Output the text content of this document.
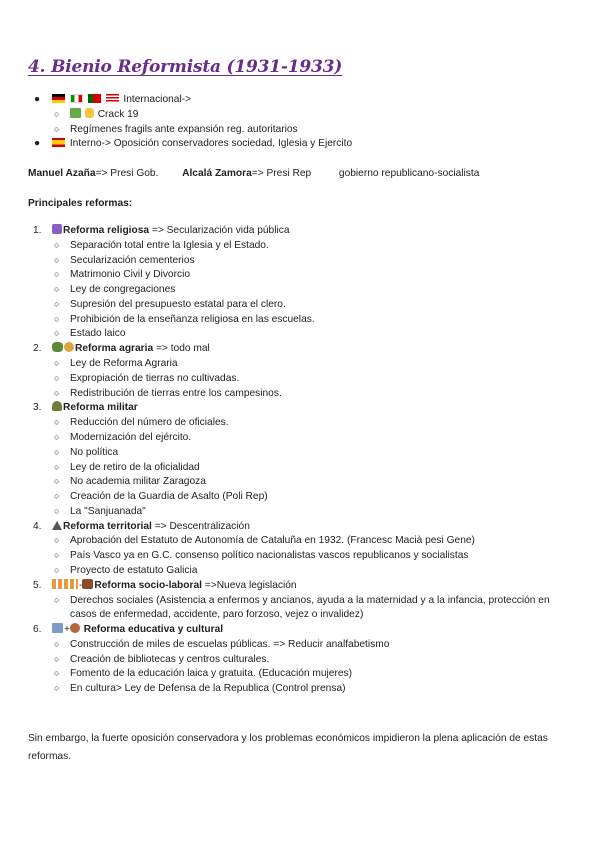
4. Bienio Reformista (1931-1933)
●	Internacional->
○	Crack 19
○ Regímenes fragils ante expansión reg. autoritarios
●	Interno-> Oposición conservadores sociedad, Iglesia y Ejercito
Manuel Azaña=> Presi Gob. Alcalá Zamora=> Presi Rep	gobierno republicano-socialista
Principales reformas:
1. Reforma religiosa => Secularización vida pública
○ Separación total entre la Iglesia y el Estado.
○ Secularización cementerios
○ Matrimonio Civil y Divorcio
○ Ley de congregaciones
○ Supresión del presupuesto estatal para el clero.
○ Prohibición de la enseñanza religiosa en las escuelas.
○ Estado laico
2.	Reforma agraria => todo mal
○ Ley de Reforma Agraria
○ Expropiación de tierras no cultivadas.
○ Redistribución de tierras entre los campesinos.
3. Reforma militar
○ Reducción del número de oficiales.
○ Modernización del ejército.
○ No política
○ Ley de retiro de la oficialidad
○ No academia militar Zaragoza
○ Creación de la Guardia de Asalto (Poli Rep)
○ La "Sanjuanada"
4. Reforma territorial => Descentralización
○ Aprobación del Estatuto de Autonomía de Cataluña en 1932. (Francesc Macià pesi Gene)
○ País Vasco ya en G.C. consenso político nacionalistas vascos republicanos y socialistas
○ Proyecto de estatuto Galicia
5.	- Reforma socio-laboral =>Nueva legislación
○ Derechos sociales (Asistencia a enfermos y ancianos, ayuda a la maternidad y a la infancia, protección en casos de enfermedad, accidente, paro forzoso, vejez o invalidez)
6. + Reforma educativa y cultural
○ Construcción de miles de escuelas públicas. => Reducir analfabetismo
○ Creación de bibliotecas y centros culturales.
○ Fomento de la educación laica y gratuita. (Educación mujeres)
○ En cultura> Ley de Defensa de la Republica (Control prensa)

Sin embargo, la fuerte oposición conservadora y los problemas económicos impidieron la plena aplicación de estas reformas.
